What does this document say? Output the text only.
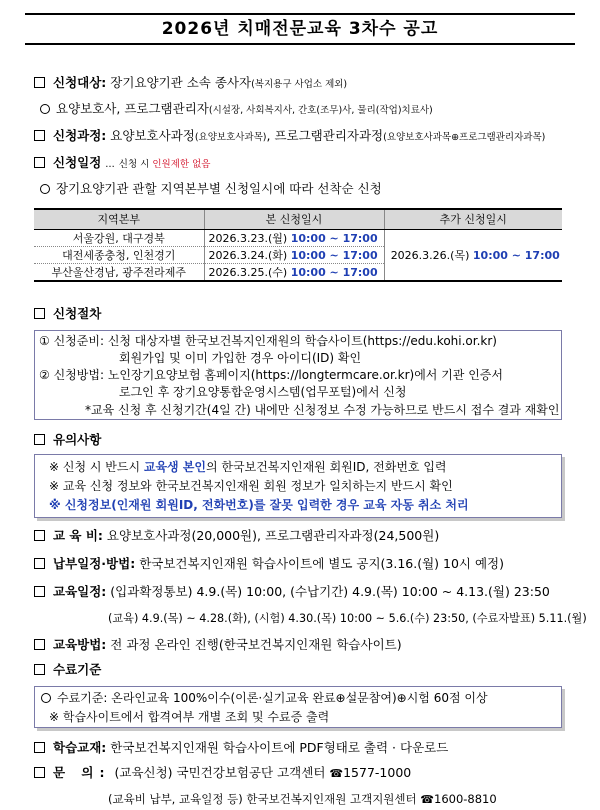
2026년 치매전문교육 3차수 공고
신청대상: 장기요양기관 소속 종사자(복지용구 사업소 제외)
요양보호사, 프로그램관리자(시설장, 사회복지사, 간호(조무)사, 물리(작업)치료사)
신청과정: 요양보호사과정(요양보호사과목), 프로그램관리자과정(요양보호사과목⊕프로그램관리자과목)
신청일정 … 신청 시 인원제한 없음
장기요양기관 관할 지역본부별 신청일시에 따라 선착순 신청
지역본부	본 신청일시	추가 신청일시
서울강원, 대구경북	2026.3.23.(월) 10:00 ~ 17:00	2026.3.26.(목) 10:00 ~ 17:00
대전세종충청, 인천경기	2026.3.24.(화) 10:00 ~ 17:00	
부산울산경남, 광주전라제주	2026.3.25.(수) 10:00 ~ 17:00	
신청절차
① 신청준비: 신청 대상자별 한국보건복지인재원의 학습사이트(https://edu.kohi.or.kr)
회원가입 및 이미 가입한 경우 아이디(ID) 확인
② 신청방법: 노인장기요양보험 홈페이지(https://longtermcare.or.kr)에서 기관 인증서
로그인 후 장기요양통합운영시스템(업무포털)에서 신청
*교육 신청 후 신청기간(4일 간) 내에만 신청정보 수정 가능하므로 반드시 접수 결과 재확인
유의사항
※ 신청 시 반드시 교육생 본인의 한국보건복지인재원 회원ID, 전화번호 입력
※ 교육 신청 정보와 한국보건복지인재원 회원 정보가 일치하는지 반드시 확인
※ 신청정보(인재원 회원ID, 전화번호)를 잘못 입력한 경우 교육 자동 취소 처리
교 육 비: 요양보호사과정(20,000원), 프로그램관리자과정(24,500원)
납부일정·방법: 한국보건복지인재원 학습사이트에 별도 공지(3.16.(월) 10시 예정)
교육일정: (입과확정통보) 4.9.(목) 10:00, (수납기간) 4.9.(목) 10:00 ~ 4.13.(월) 23:50
(교육) 4.9.(목) ~ 4.28.(화), (시험) 4.30.(목) 10:00 ~ 5.6.(수) 23:50, (수료자발표) 5.11.(월)
교육방법: 전 과정 온라인 진행(한국보건복지인재원 학습사이트)
수료기준
수료기준: 온라인교육 100%이수(이론·실기교육 완료⊕설문참여)⊕시험 60점 이상
※ 학습사이트에서 합격여부 개별 조회 및 수료증 출력
학습교재: 한국보건복지인재원 학습사이트에 PDF형태로 출력 · 다운로드
문 의: (교육신청) 국민건강보험공단 고객센터 ☎1577-1000
(교육비 납부, 교육일정 등) 한국보건복지인재원 고객지원센터 ☎1600-8810
